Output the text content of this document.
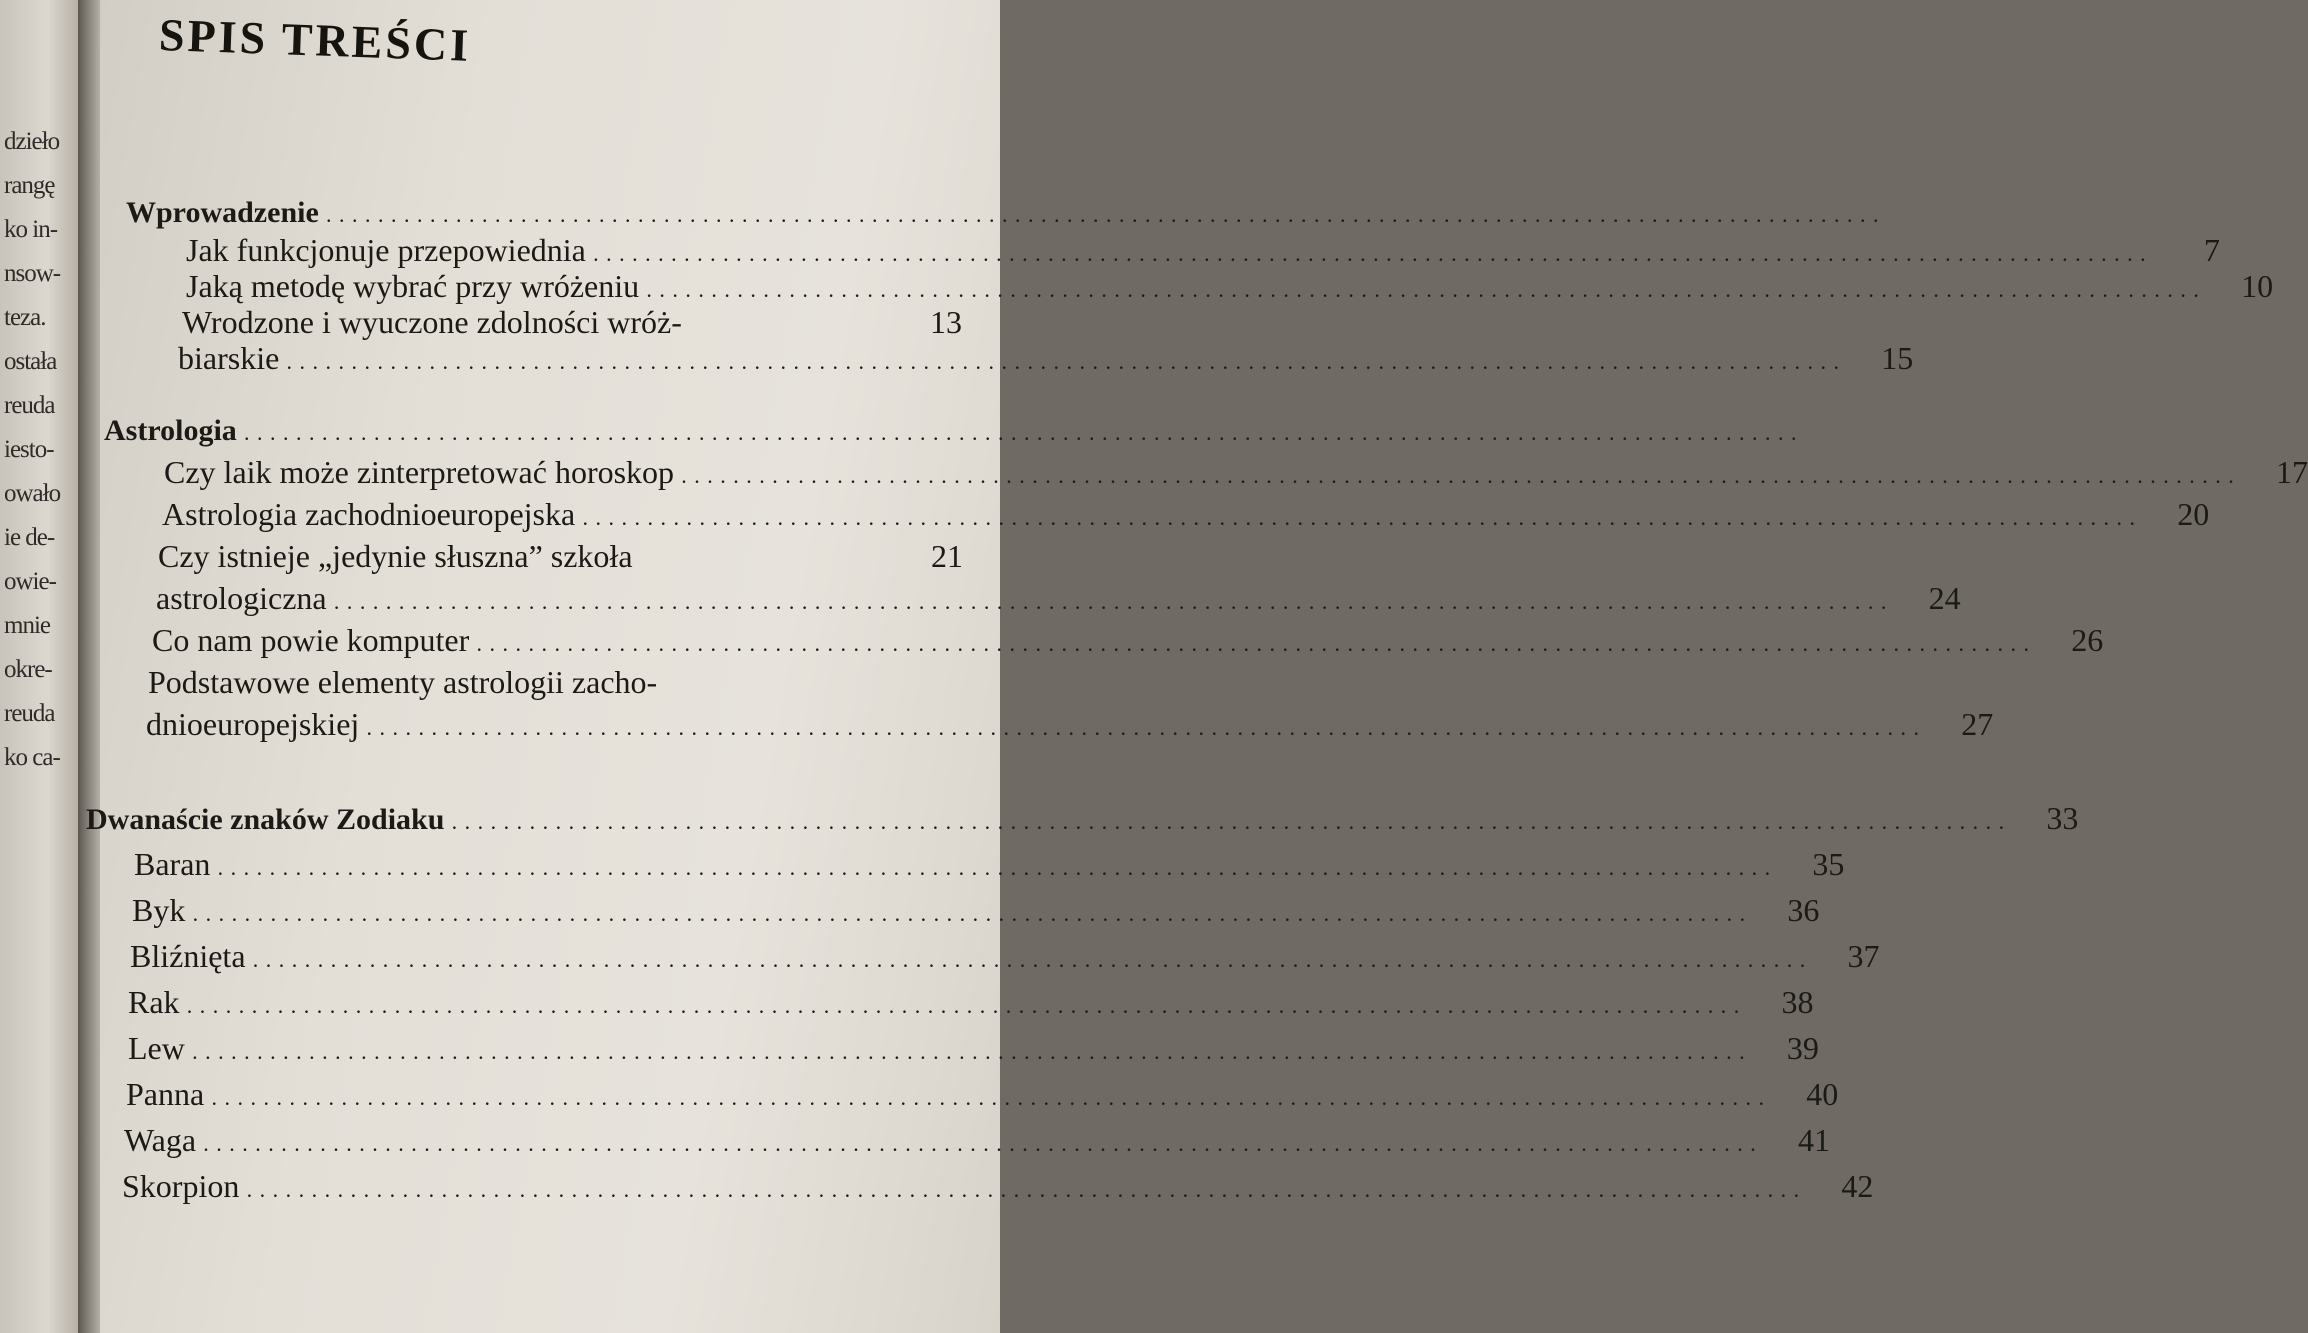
dzieło
rangę
ko in-
nsow-
teza.
ostała
reuda
iesto-
owało
ie de-
owie-
mnie
okre-
reuda
ko ca-
SPIS TREŚCI
Wprowadzenie ........................................................................................................................
Jak funkcjonuje przepowiednia ........................................................................................................................	7
Jaką metodę wybrać przy wróżeniu ........................................................................................................................	10
Wrodzone i wyuczone zdolności wróż-	13
biarskie ........................................................................................................................	15
Astrologia ........................................................................................................................
Czy laik może zinterpretować horoskop ........................................................................................................................	17
Astrologia zachodnioeuropejska ........................................................................................................................	20
Czy istnieje „jedynie słuszna” szkoła	21
astrologiczna ........................................................................................................................	24
Co nam powie komputer ........................................................................................................................	26
Podstawowe elementy astrologii zacho-
dnioeuropejskiej ........................................................................................................................	27
Dwanaście znaków Zodiaku ........................................................................................................................	33
Baran ........................................................................................................................	35
Byk ........................................................................................................................	36
Bliźnięta ........................................................................................................................	37
Rak ........................................................................................................................	38
Lew ........................................................................................................................	39
Panna ........................................................................................................................	40
Waga ........................................................................................................................	41
Skorpion ........................................................................................................................	42
